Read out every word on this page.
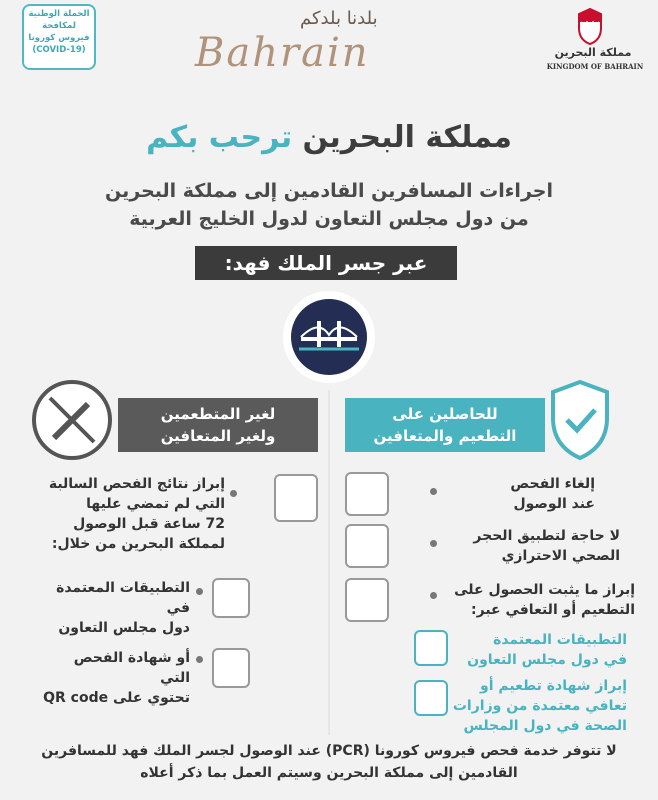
الحملة الوطنية
لمكافحة
فيروس كورونا
(COVID-19)	مملكة البحرين
KINGDOM OF BAHRAIN
بلدنا بلدكم
Bahrain
مملكة البحرين ترحب بكم
اجراءات المسافرين القادمين إلى مملكة البحرين
من دول مجلس التعاون لدول الخليج العربية
عبر جسر الملك فهد:
للحاصلين على
التطعيم والمتعافين
لغير المتطعمين
ولغير المتعافين
إلغاء الفحص
عند الوصول
لا حاجة لتطبيق الحجر
الصحي الاحترازي
إبراز ما يثبت الحصول على
التطعيم أو التعافي عبر:
التطبيقات المعتمدة
في دول مجلس التعاون
إبراز شهادة تطعيم أو
تعافي معتمدة من وزارات
الصحة في دول المجلس
إبراز نتائج الفحص السالبة
التي لم تمضي عليها
72 ساعة قبل الوصول
لمملكة البحرين من خلال:
التطبيقات المعتمدة في
دول مجلس التعاون
أو شهادة الفحص التي
تحتوي على QR code
لا تتوفر خدمة فحص فيروس كورونا (PCR) عند الوصول لجسر الملك فهد للمسافرين
القادمين إلى مملكة البحرين وسيتم العمل بما ذكر أعلاه
